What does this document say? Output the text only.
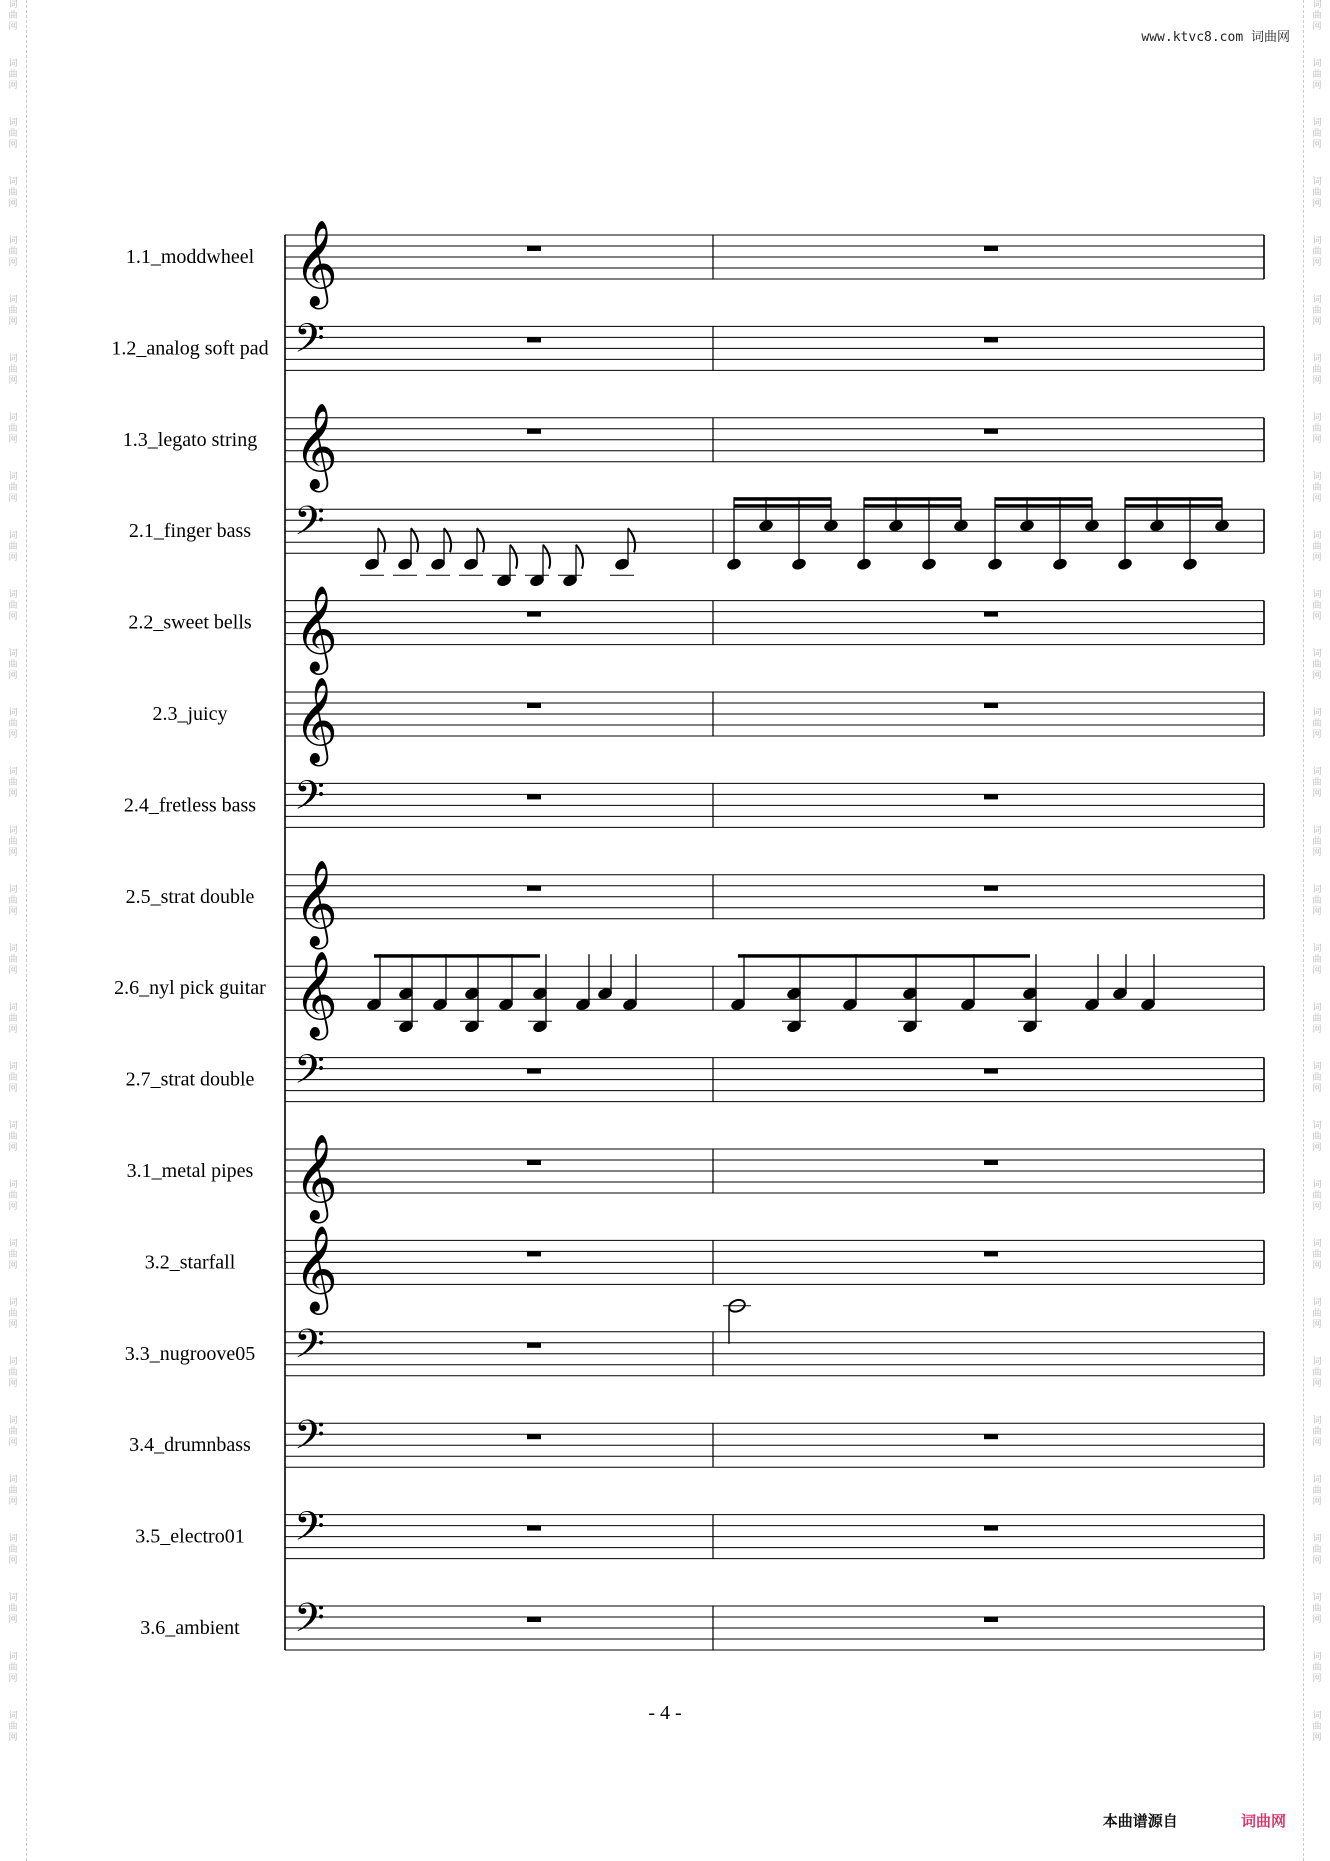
词
曲
网
词
曲
网
词
曲
网
词
曲
网
词
曲
网
词
曲
网
词
曲
网
词
曲
网
词
曲
网
词
曲
网
词
曲
网
词
曲
网
词
曲
网
词
曲
网
词
曲
网
词
曲
网
词
曲
网
词
曲
网
词
曲
网
词
曲
网
词
曲
网
词
曲
网
词
曲
网
词
曲
网
词
曲
网
词
曲
网
词
曲
网
词
曲
网
词
曲
网
词
曲
网
词
曲
网
词
曲
网
词
曲
网
词
曲
网
词
曲
网
词
曲
网
词
曲
网
词
曲
网
词
曲
网
词
曲
网
词
曲
网
词
曲
网
词
曲
网
词
曲
网
词
曲
网
词
曲
网
词
曲
网
词
曲
网
词
曲
网
词
曲
网
词
曲
网
词
曲
网
词
曲
网
词
曲
网
词
曲
网
词
曲
网
词
曲
网
词
曲
网
词
曲
网
词
曲
网
www.ktvc8.com 词曲网
1.1_moddwheel 𝄞
1.2_analog soft pad 𝄢
1.3_legato string 𝄞
2.1_finger bass 𝄢
2.2_sweet bells 𝄞
2.3_juicy 𝄞
2.4_fretless bass 𝄢
2.5_strat double 𝄞
2.6_nyl pick guitar 𝄞
2.7_strat double 𝄢
3.1_metal pipes 𝄞
3.2_starfall 𝄞
3.3_nugroove05 𝄢
3.4_drumnbass 𝄢
3.5_electro01 𝄢
3.6_ambient 𝄢
- 4 -
本曲谱源自	词曲网
